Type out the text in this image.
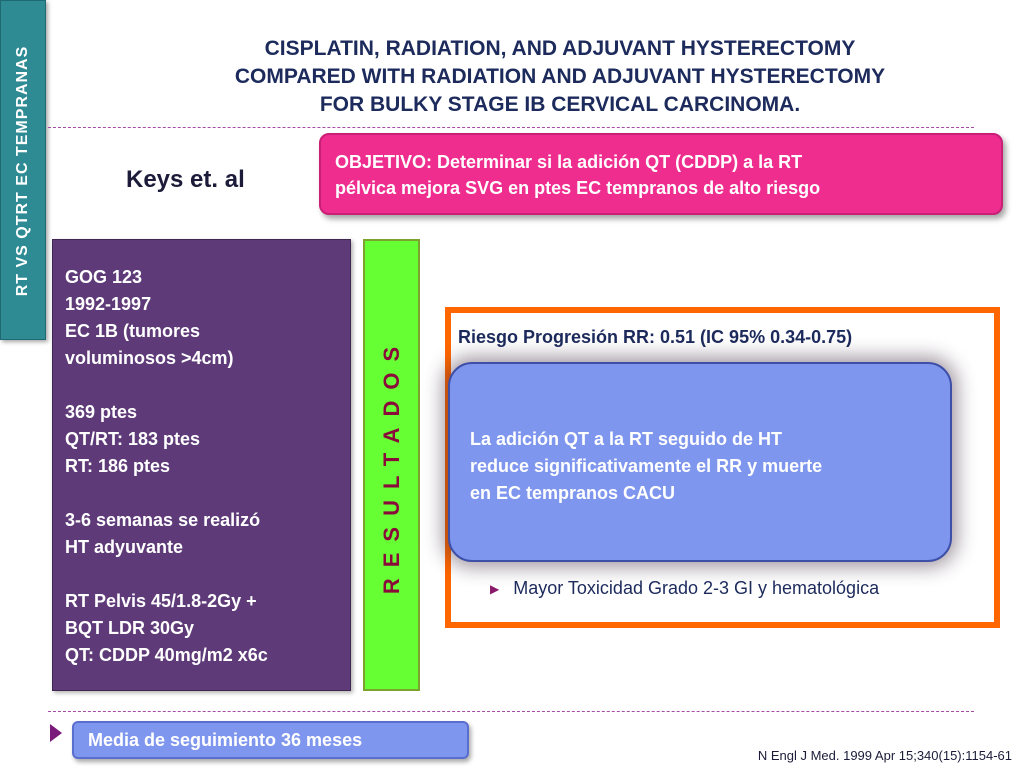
RT VS QTRT EC TEMPRANAS	CISPLATIN, RADIATION, AND ADJUVANT HYSTERECTOMY
COMPARED WITH RADIATION AND ADJUVANT HYSTERECTOMY
FOR BULKY STAGE IB CERVICAL CARCINOMA.
Keys et. al
OBJETIVO: Determinar si la adición QT (CDDP) a la RT
pélvica mejora SVG en ptes EC tempranos de alto riesgo
GOG 123
1992-1997
EC 1B (tumores
voluminosos >4cm)
369 ptes
QT/RT: 183 ptes
RT: 186 ptes
3-6 semanas se realizó
HT adyuvante
RT Pelvis 45/1.8-2Gy +
BQT LDR 30Gy
QT: CDDP 40mg/m2 x6c
RESULTADOS	Riesgo Progresión RR: 0.51 (IC 95% 0.34-0.75)
La adición QT a la RT seguido de HT
reduce significativamente el RR y muerte
en EC tempranos CACU
▶ Mayor Toxicidad Grado 2-3 GI y hematológica
Media de seguimiento 36 meses
N Engl J Med. 1999 Apr 15;340(15):1154-61
